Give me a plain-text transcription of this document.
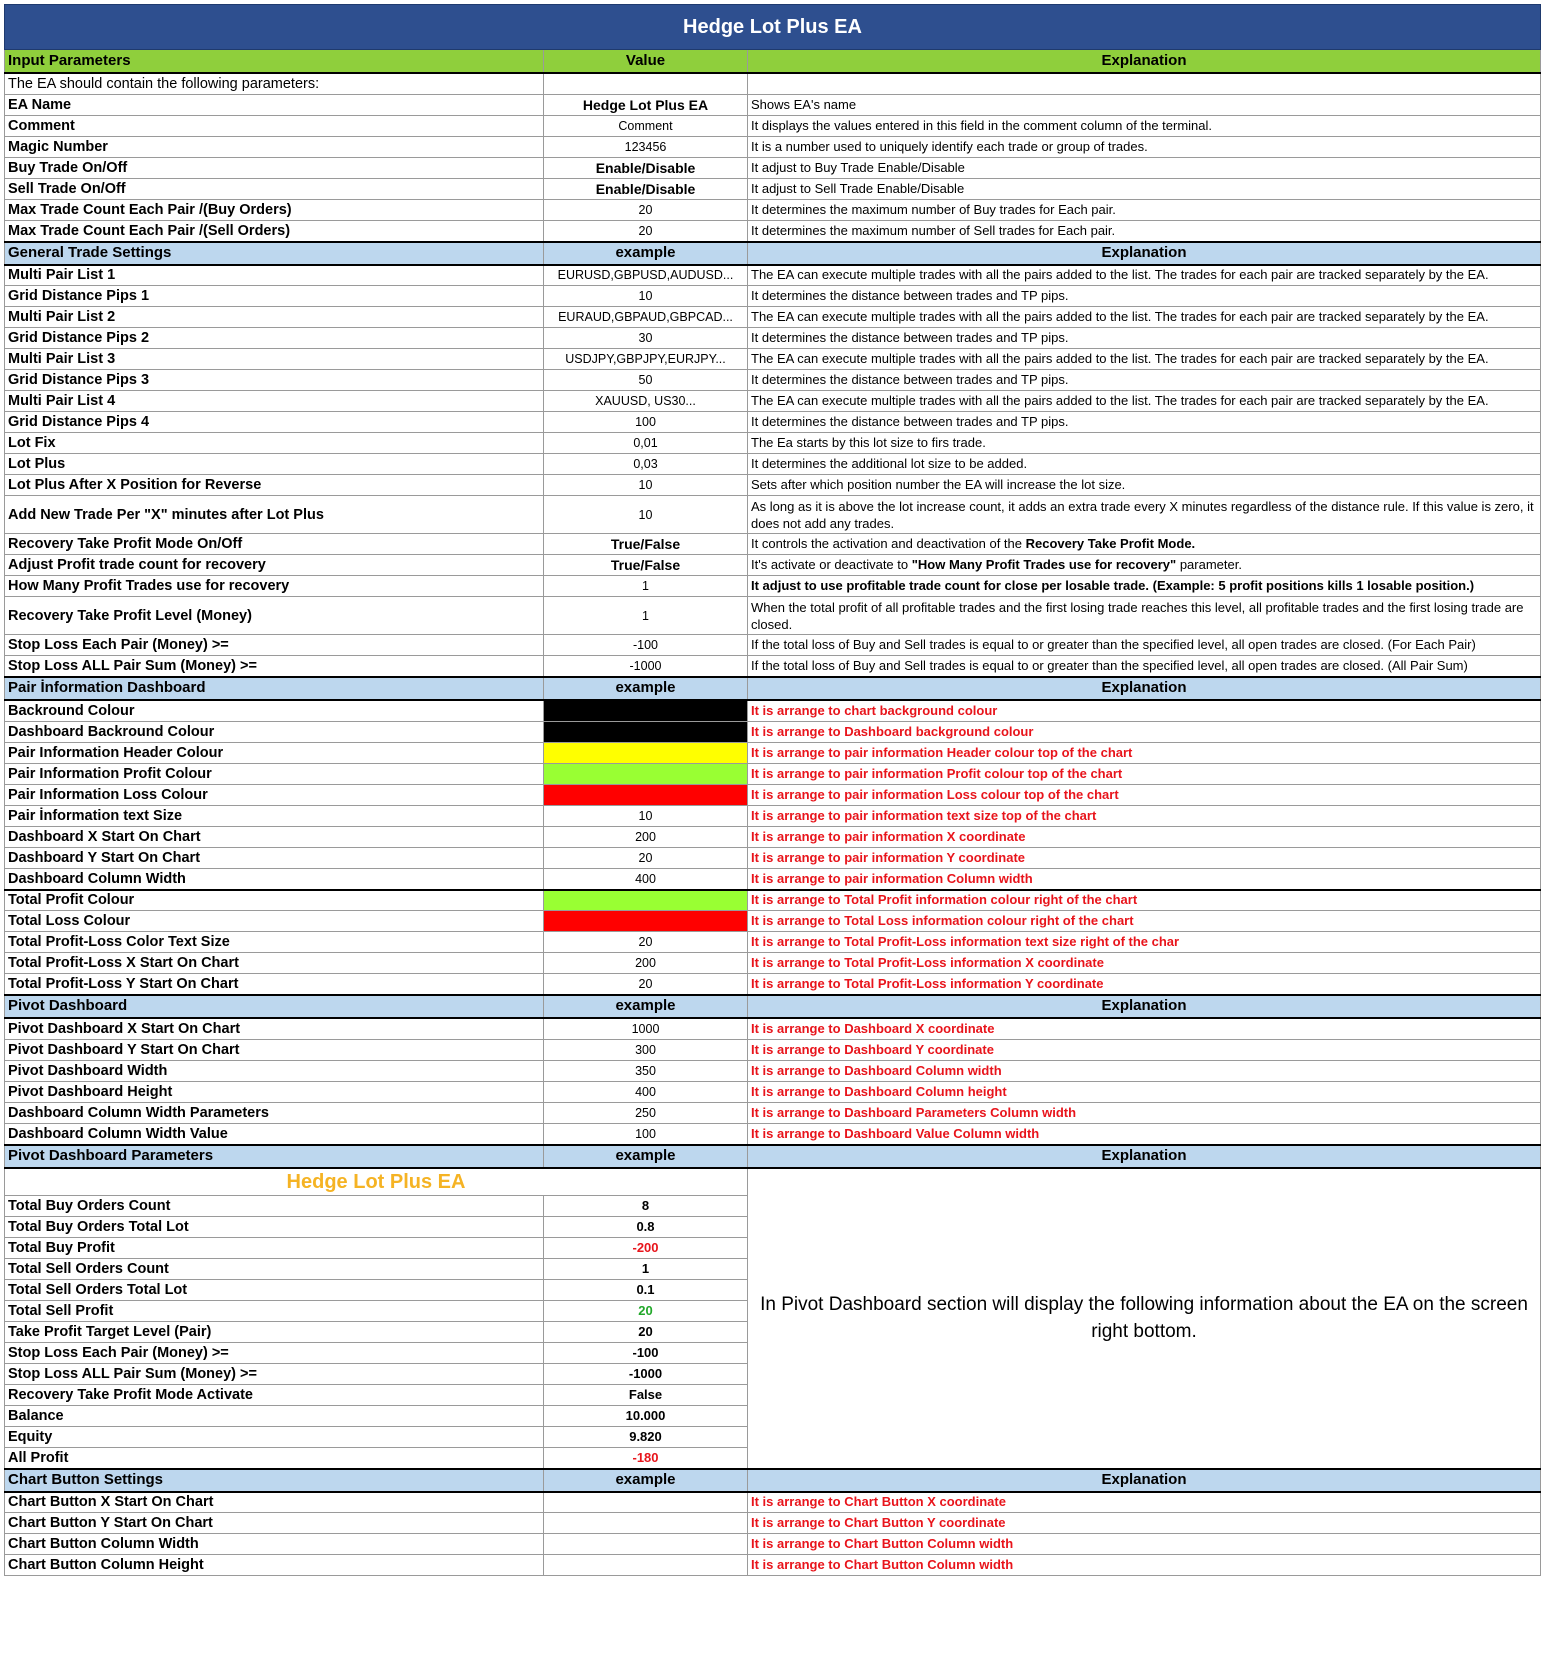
Hedge Lot Plus EA		
Input Parameters	Value	Explanation
The EA should contain the following parameters:		
EA Name	Hedge Lot Plus EA	Shows EA's name
Comment	Comment	It displays the values entered in this field in the comment column of the terminal.
Magic Number	123456	It is a number used to uniquely identify each trade or group of trades.
Buy Trade On/Off	Enable/Disable	It adjust to Buy Trade Enable/Disable
Sell Trade On/Off	Enable/Disable	It adjust to Sell Trade Enable/Disable
Max Trade Count Each Pair /(Buy Orders)	20	It determines the maximum number of Buy trades for Each pair.
Max Trade Count Each Pair /(Sell Orders)	20	It determines the maximum number of Sell trades for Each pair.
General Trade Settings	example	Explanation
Multi Pair List 1	EURUSD,GBPUSD,AUDUSD...	The EA can execute multiple trades with all the pairs added to the list. The trades for each pair are tracked separately by the EA.
Grid Distance Pips 1	10	It determines the distance between trades and TP pips.
Multi Pair List 2	EURAUD,GBPAUD,GBPCAD...	The EA can execute multiple trades with all the pairs added to the list. The trades for each pair are tracked separately by the EA.
Grid Distance Pips 2	30	It determines the distance between trades and TP pips.
Multi Pair List 3	USDJPY,GBPJPY,EURJPY...	The EA can execute multiple trades with all the pairs added to the list. The trades for each pair are tracked separately by the EA.
Grid Distance Pips 3	50	It determines the distance between trades and TP pips.
Multi Pair List 4	XAUUSD, US30...	The EA can execute multiple trades with all the pairs added to the list. The trades for each pair are tracked separately by the EA.
Grid Distance Pips 4	100	It determines the distance between trades and TP pips.
Lot Fix	0,01	The Ea starts by this lot size to firs trade.
Lot Plus	0,03	It determines the additional lot size to be added.
Lot Plus After X Position for Reverse	10	Sets after which position number the EA will increase the lot size.
Add New Trade Per "X" minutes after Lot Plus	10	As long as it is above the lot increase count, it adds an extra trade every X minutes regardless of the distance rule. If this value is zero, it does not add any trades.
Recovery Take Profit Mode On/Off	True/False	It controls the activation and deactivation of the Recovery Take Profit Mode.
Adjust Profit trade count for recovery	True/False	It's activate or deactivate to "How Many Profit Trades use for recovery" parameter.
How Many Profit Trades use for recovery	1	It adjust to use profitable trade count for close per losable trade. (Example: 5 profit positions kills 1 losable position.)
Recovery Take Profit Level (Money)	1	When the total profit of all profitable trades and the first losing trade reaches this level, all profitable trades and the first losing trade are closed.
Stop Loss Each Pair (Money) >=	-100	If the total loss of Buy and Sell trades is equal to or greater than the specified level, all open trades are closed. (For Each Pair)
Stop Loss ALL Pair Sum (Money) >=	-1000	If the total loss of Buy and Sell trades is equal to or greater than the specified level, all open trades are closed. (All Pair Sum)
Pair İnformation Dashboard	example	Explanation
Backround Colour		It is arrange to chart background colour
Dashboard Backround Colour		It is arrange to Dashboard background colour
Pair Information Header Colour		It is arrange to pair information Header colour top of the chart
Pair Information Profit Colour		It is arrange to pair information Profit colour top of the chart
Pair Information Loss Colour		It is arrange to pair information Loss colour top of the chart
Pair İnformation text Size	10	It is arrange to pair information text size top of the chart
Dashboard X Start On Chart	200	It is arrange to pair information X coordinate
Dashboard Y Start On Chart	20	It is arrange to pair information Y coordinate
Dashboard Column Width	400	It is arrange to pair information Column width
Total Profit Colour		It is arrange to Total Profit information colour right of the chart
Total Loss Colour		It is arrange to Total Loss information colour right of the chart
Total Profit-Loss Color Text Size	20	It is arrange to Total Profit-Loss information text size right of the char
Total Profit-Loss X Start On Chart	200	It is arrange to Total Profit-Loss information X coordinate
Total Profit-Loss Y Start On Chart	20	It is arrange to Total Profit-Loss information Y coordinate
Pivot Dashboard	example	Explanation
Pivot Dashboard X Start On Chart	1000	It is arrange to Dashboard X coordinate
Pivot Dashboard Y Start On Chart	300	It is arrange to Dashboard Y coordinate
Pivot Dashboard Width	350	It is arrange to Dashboard Column width
Pivot Dashboard Height	400	It is arrange to Dashboard Column height
Dashboard Column Width Parameters	250	It is arrange to Dashboard Parameters Column width
Dashboard Column Width Value	100	It is arrange to Dashboard Value Column width
Pivot Dashboard Parameters	example	Explanation
Hedge Lot Plus EA		In Pivot Dashboard section will display the following information about the EA on the screen right bottom.
Total Buy Orders Count	8	
Total Buy Orders Total Lot	0.8	
Total Buy Profit	-200	
Total Sell Orders Count	1	
Total Sell Orders Total Lot	0.1	
Total Sell Profit	20	
Take Profit Target Level (Pair)	20	
Stop Loss Each Pair (Money) >=	-100	
Stop Loss ALL Pair Sum (Money) >=	-1000	
Recovery Take Profit Mode Activate	False	
Balance	10.000	
Equity	9.820	
All Profit	-180	
Chart Button Settings	example	Explanation
Chart Button X Start On Chart		It is arrange to Chart Button X coordinate
Chart Button Y Start On Chart		It is arrange to Chart Button Y coordinate
Chart Button Column Width		It is arrange to Chart Button Column width
Chart Button Column Height		It is arrange to Chart Button Column width
